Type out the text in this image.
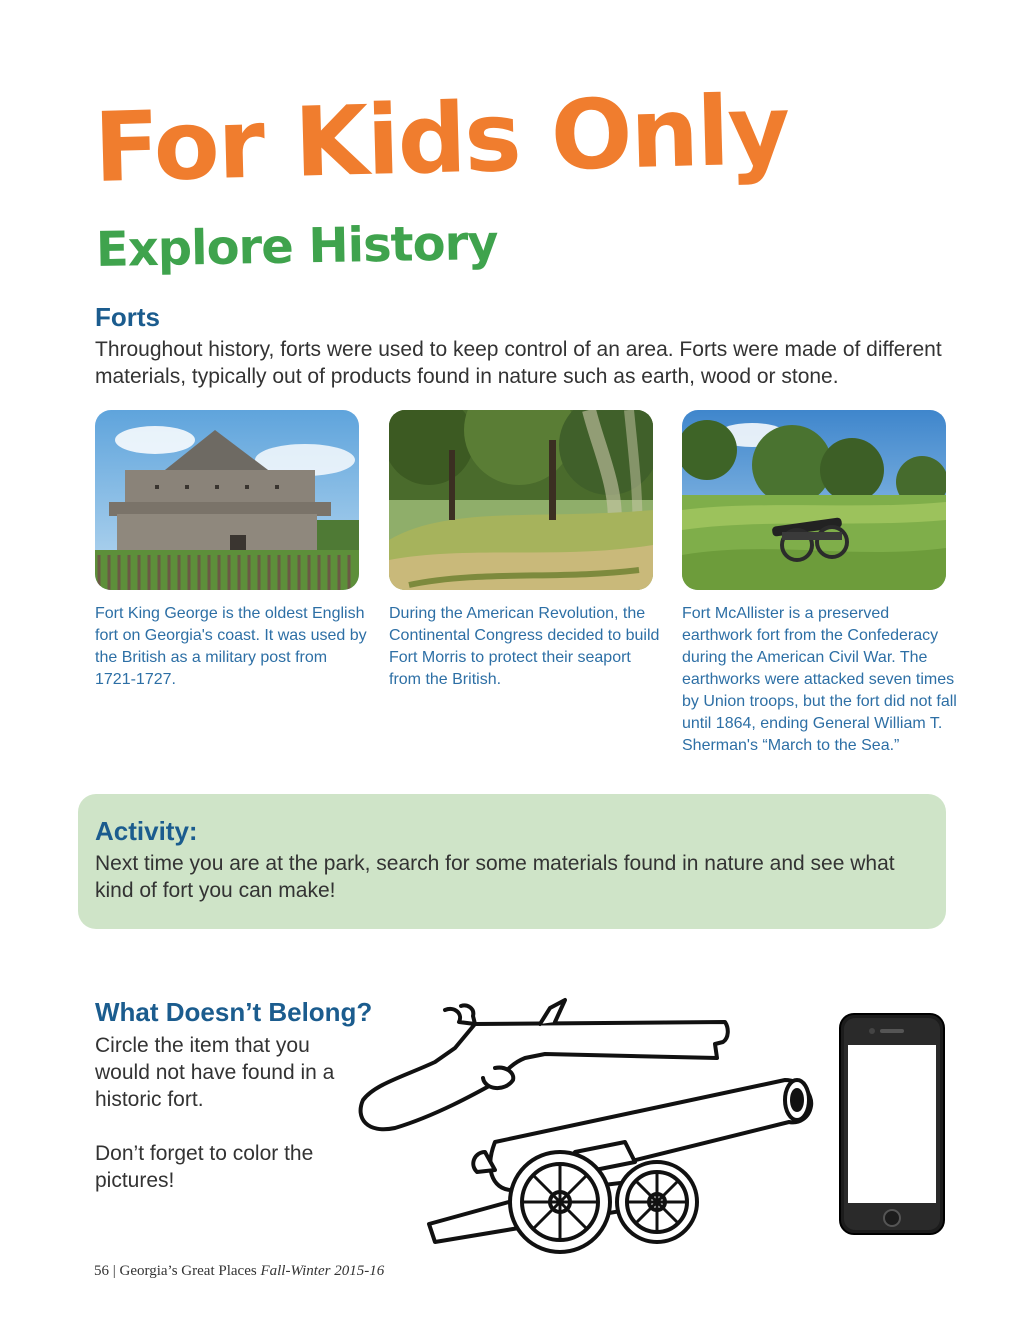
For Kids Only
Explore History
Forts
Throughout history, forts were used to keep control of an area. Forts were made of different materials, typically out of products found in nature such as earth, wood or stone.
Fort King George is the oldest English fort on Georgia's coast. It was used by the British as a military post from 1721-1727.
During the American Revolution, the Continental Congress decided to build Fort Morris to protect their seaport from the British.
Fort McAllister is a preserved earthwork fort from the Confederacy during the American Civil War. The earthworks were attacked seven times by Union troops, but the fort did not fall until 1864, ending General William T. Sherman's “March to the Sea.”
Activity:
Next time you are at the park, search for some materials found in nature and see what kind of fort you can make!
What Doesn’t Belong?

Circle the item that you would not have found in a historic fort.

Don’t forget to color the pictures!

56 | Georgia’s Great Places Fall-Winter 2015-16
